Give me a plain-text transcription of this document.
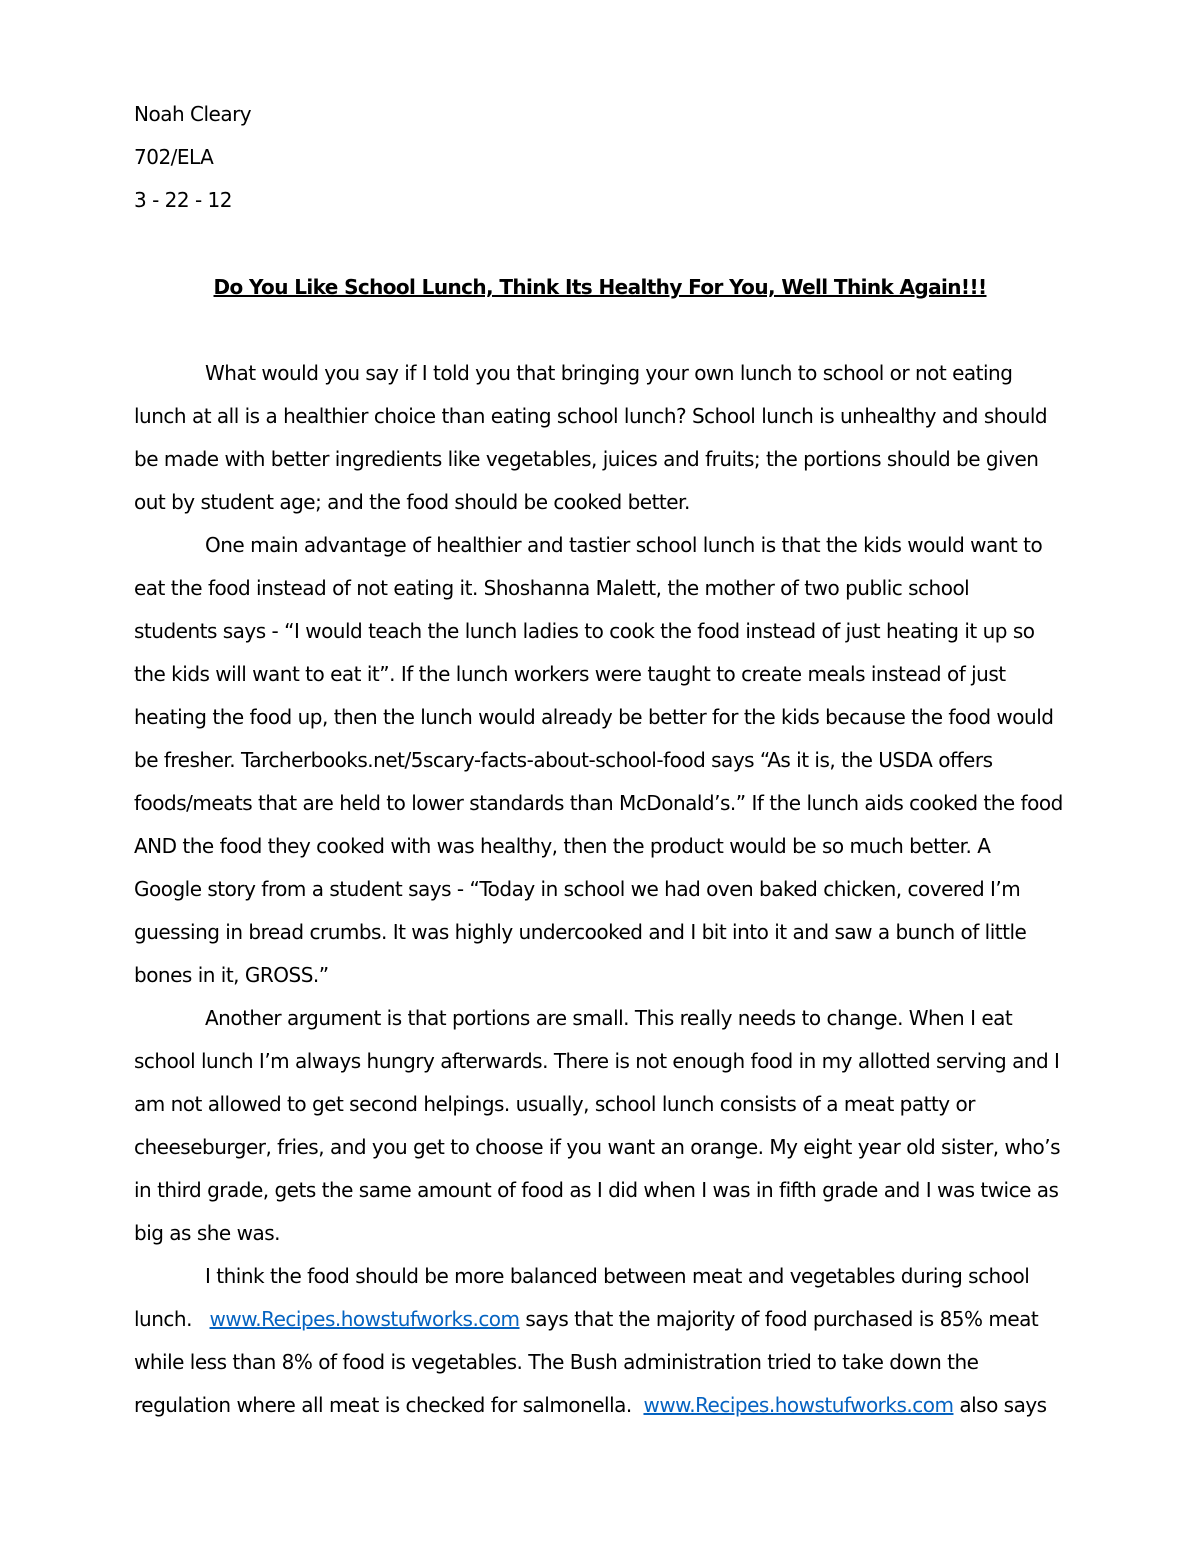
Noah Cleary
702/ELA
3 - 22 - 12
Do You Like School Lunch, Think Its Healthy For You, Well Think Again!!!
What would you say if I told you that bringing your own lunch to school or not eating
lunch at all is a healthier choice than eating school lunch? School lunch is unhealthy and should
be made with better ingredients like vegetables, juices and fruits; the portions should be given
out by student age; and the food should be cooked better.
One main advantage of healthier and tastier school lunch is that the kids would want to
eat the food instead of not eating it. Shoshanna Malett, the mother of two public school
students says - “I would teach the lunch ladies to cook the food instead of just heating it up so
the kids will want to eat it”. If the lunch workers were taught to create meals instead of just
heating the food up, then the lunch would already be better for the kids because the food would
be fresher. Tarcherbooks.net/5scary-facts-about-school-food says “As it is, the USDA offers
foods/meats that are held to lower standards than McDonald’s.” If the lunch aids cooked the food
AND the food they cooked with was healthy, then the product would be so much better. A
Google story from a student says - “Today in school we had oven baked chicken, covered I’m
guessing in bread crumbs. It was highly undercooked and I bit into it and saw a bunch of little
bones in it, GROSS.”
Another argument is that portions are small. This really needs to change. When I eat
school lunch I’m always hungry afterwards. There is not enough food in my allotted serving and I
am not allowed to get second helpings. usually, school lunch consists of a meat patty or
cheeseburger, fries, and you get to choose if you want an orange. My eight year old sister, who’s
in third grade, gets the same amount of food as I did when I was in fifth grade and I was twice as
big as she was.
I think the food should be more balanced between meat and vegetables during school
lunch.   www.Recipes.howstufworks.com says that the majority of food purchased is 85% meat
while less than 8% of food is vegetables. The Bush administration tried to take down the
regulation where all meat is checked for salmonella.  www.Recipes.howstufworks.com also says
